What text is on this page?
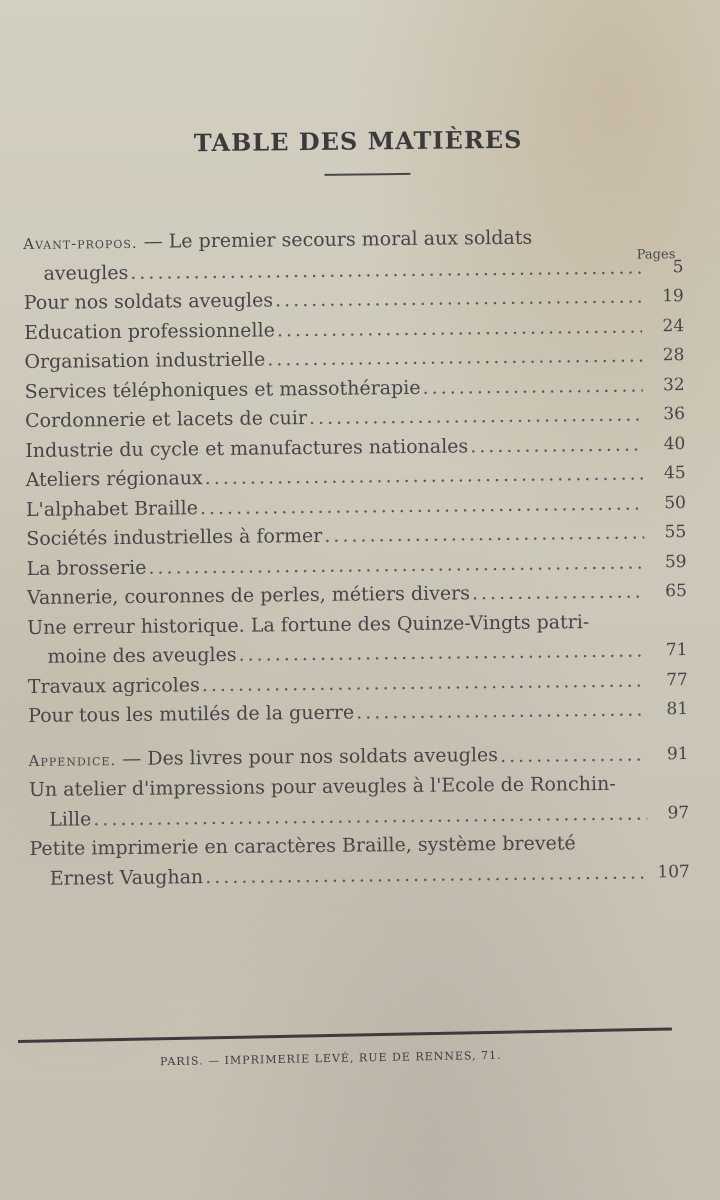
TABLE DES MATIÈRES
Pages
Avant-propos. — Le premier secours moral aux soldats
aveugles .....	5
Pour nos soldats aveugles .....	19
Education professionnelle .....	24
Organisation industrielle .....	28
Services téléphoniques et massothérapie .....	32
Cordonnerie et lacets de cuir .....	36
Industrie du cycle et manufactures nationales .....	40
Ateliers régionaux .....	45
L'alphabet Braille .....	50
Sociétés industrielles à former .....	55
La brosserie .....	59
Vannerie, couronnes de perles, métiers divers .....	65
Une erreur historique. La fortune des Quinze-Vingts patri-
moine des aveugles .....	71
Travaux agricoles .....	77
Pour tous les mutilés de la guerre .....	81
Appendice. — Des livres pour nos soldats aveugles .....	91
Un atelier d'impressions pour aveugles à l'Ecole de Ronchin-
Lille .....	97
Petite imprimerie en caractères Braille, système breveté
Ernest Vaughan .....	107
PARIS. — IMPRIMERIE LEVÉ, RUE DE RENNES, 71.
